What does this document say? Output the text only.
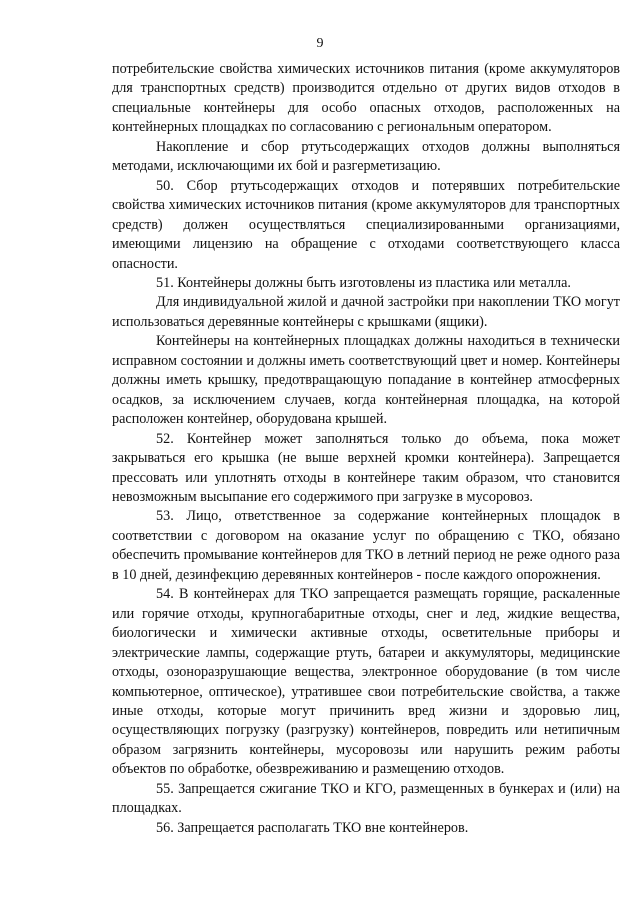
9

потребительские свойства химических источников питания (кроме аккумуляторов для транспортных средств) производится отдельно от других видов отходов в специальные контейнеры для особо опасных отходов, расположенных на контейнерных площадках по согласованию с региональным оператором.

Накопление и сбор ртутьсодержащих отходов должны выполняться методами, исключающими их бой и разгерметизацию.

50. Сбор ртутьсодержащих отходов и потерявших потребительские свойства химических источников питания (кроме аккумуляторов для транспортных средств) должен осуществляться специализированными организациями, имеющими лицензию на обращение с отходами соответствующего класса опасности.

51. Контейнеры должны быть изготовлены из пластика или металла.

Для индивидуальной жилой и дачной застройки при накоплении ТКО могут использоваться деревянные контейнеры с крышками (ящики).

Контейнеры на контейнерных площадках должны находиться в технически исправном состоянии и должны иметь соответствующий цвет и номер. Контейнеры должны иметь крышку, предотвращающую попадание в контейнер атмосферных осадков, за исключением случаев, когда контейнерная площадка, на которой расположен контейнер, оборудована крышей.

52. Контейнер может заполняться только до объема, пока может закрываться его крышка (не выше верхней кромки контейнера). Запрещается прессовать или уплотнять отходы в контейнере таким образом, что становится невозможным высыпание его содержимого при загрузке в мусоровоз.

53. Лицо, ответственное за содержание контейнерных площадок в соответствии с договором на оказание услуг по обращению с ТКО, обязано обеспечить промывание контейнеров для ТКО в летний период не реже одного раза в 10 дней, дезинфекцию деревянных контейнеров - после каждого опорожнения.

54. В контейнерах для ТКО запрещается размещать горящие, раскаленные или горячие отходы, крупногабаритные отходы, снег и лед, жидкие вещества, биологически и химически активные отходы, осветительные приборы и электрические лампы, содержащие ртуть, батареи и аккумуляторы, медицинские отходы, озоноразрушающие вещества, электронное оборудование (в том числе компьютерное, оптическое), утратившее свои потребительские свойства, а также иные отходы, которые могут причинить вред жизни и здоровью лиц, осуществляющих погрузку (разгрузку) контейнеров, повредить или нетипичным образом загрязнить контейнеры, мусоровозы или нарушить режим работы объектов по обработке, обезвреживанию и размещению отходов.

55. Запрещается сжигание ТКО и КГО, размещенных в бункерах и (или) на площадках.

56. Запрещается располагать ТКО вне контейнеров.
